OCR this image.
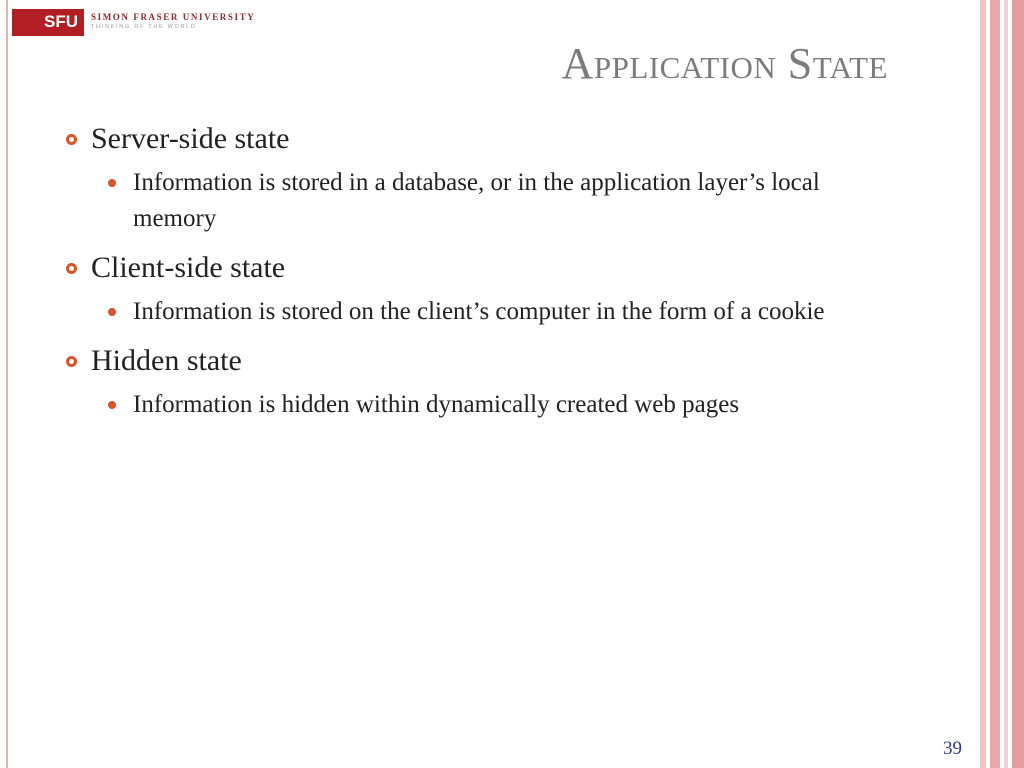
SFU	SIMON FRASER UNIVERSITY
THINKING OF THE WORLD
Application State
Server-side state
Information is stored in a database, or in the application layer’s local memory
Client-side state
Information is stored on the client’s computer in the form of a cookie
Hidden state
Information is hidden within dynamically created web pages
39
